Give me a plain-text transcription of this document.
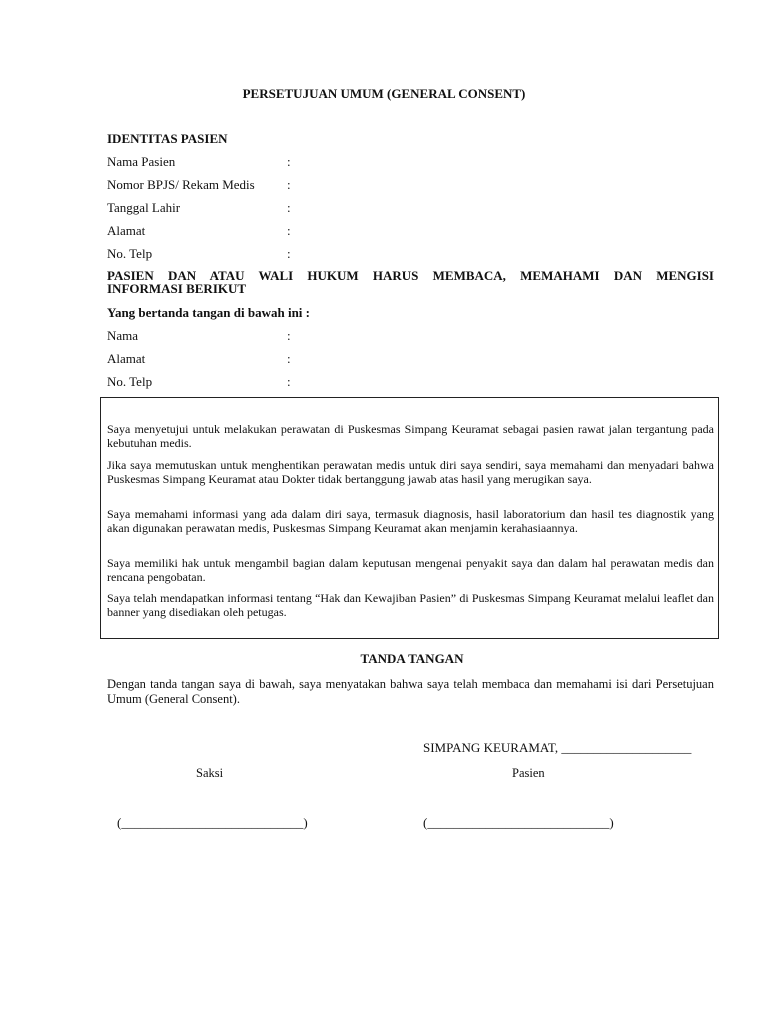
PERSETUJUAN UMUM (GENERAL CONSENT)
IDENTITAS PASIEN
Nama Pasien	:
Nomor BPJS/ Rekam Medis :
Tanggal Lahir	:
Alamat	:
No. Telp	:
PASIEN DAN ATAU WALI HUKUM HARUS MEMBACA, MEMAHAMI DAN MENGISI
INFORMASI BERIKUT
Yang bertanda tangan di bawah ini :
Nama	:
Alamat	:
No. Telp	:

Saya menyetujui untuk melakukan perawatan di Puskesmas Simpang Keuramat sebagai pasien rawat jalan tergantung pada kebutuhan medis.

Jika saya memutuskan untuk menghentikan perawatan medis untuk diri saya sendiri, saya memahami dan menyadari bahwa Puskesmas Simpang Keuramat atau Dokter tidak bertanggung jawab atas hasil yang merugikan saya.

Saya memahami informasi yang ada dalam diri saya, termasuk diagnosis, hasil laboratorium dan hasil tes diagnostik yang akan digunakan perawatan medis, Puskesmas Simpang Keuramat akan menjamin kerahasiaannya.

Saya memiliki hak untuk mengambil bagian dalam keputusan mengenai penyakit saya dan dalam hal perawatan medis dan rencana pengobatan.

Saya telah mendapatkan informasi tentang “Hak dan Kewajiban Pasien” di Puskesmas Simpang Keuramat melalui leaflet dan banner yang disediakan oleh petugas.

TANDA TANGAN

Dengan tanda tangan saya di bawah, saya menyatakan bahwa saya telah membaca dan memahami isi dari Persetujuan Umum (General Consent).

SIMPANG KEURAMAT, ____________________
Saksi	Pasien
(____________________________)	(____________________________)
